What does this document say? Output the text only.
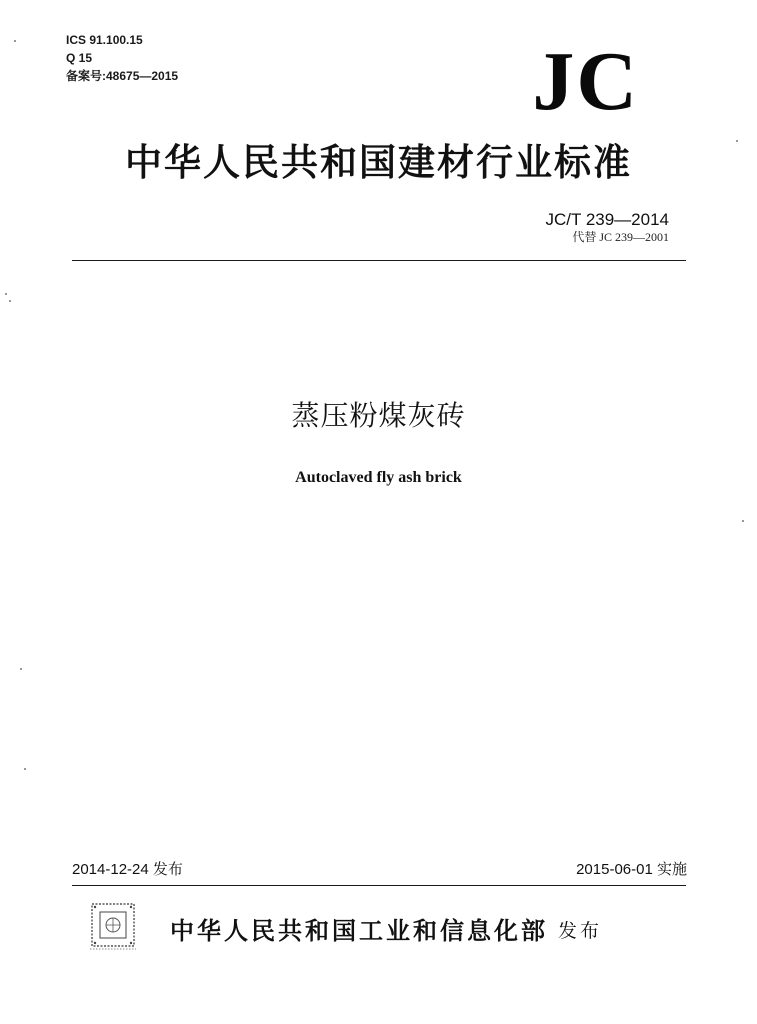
ICS 91.100.15
Q 15
备案号:48675—2015	JC
中华人民共和国建材行业标准
JC/T 239—2014
代替 JC 239—2001
蒸压粉煤灰砖
Autoclaved fly ash brick
2014-12-24 发布	2015-06-01 实施
中华人民共和国工业和信息化部 发布
